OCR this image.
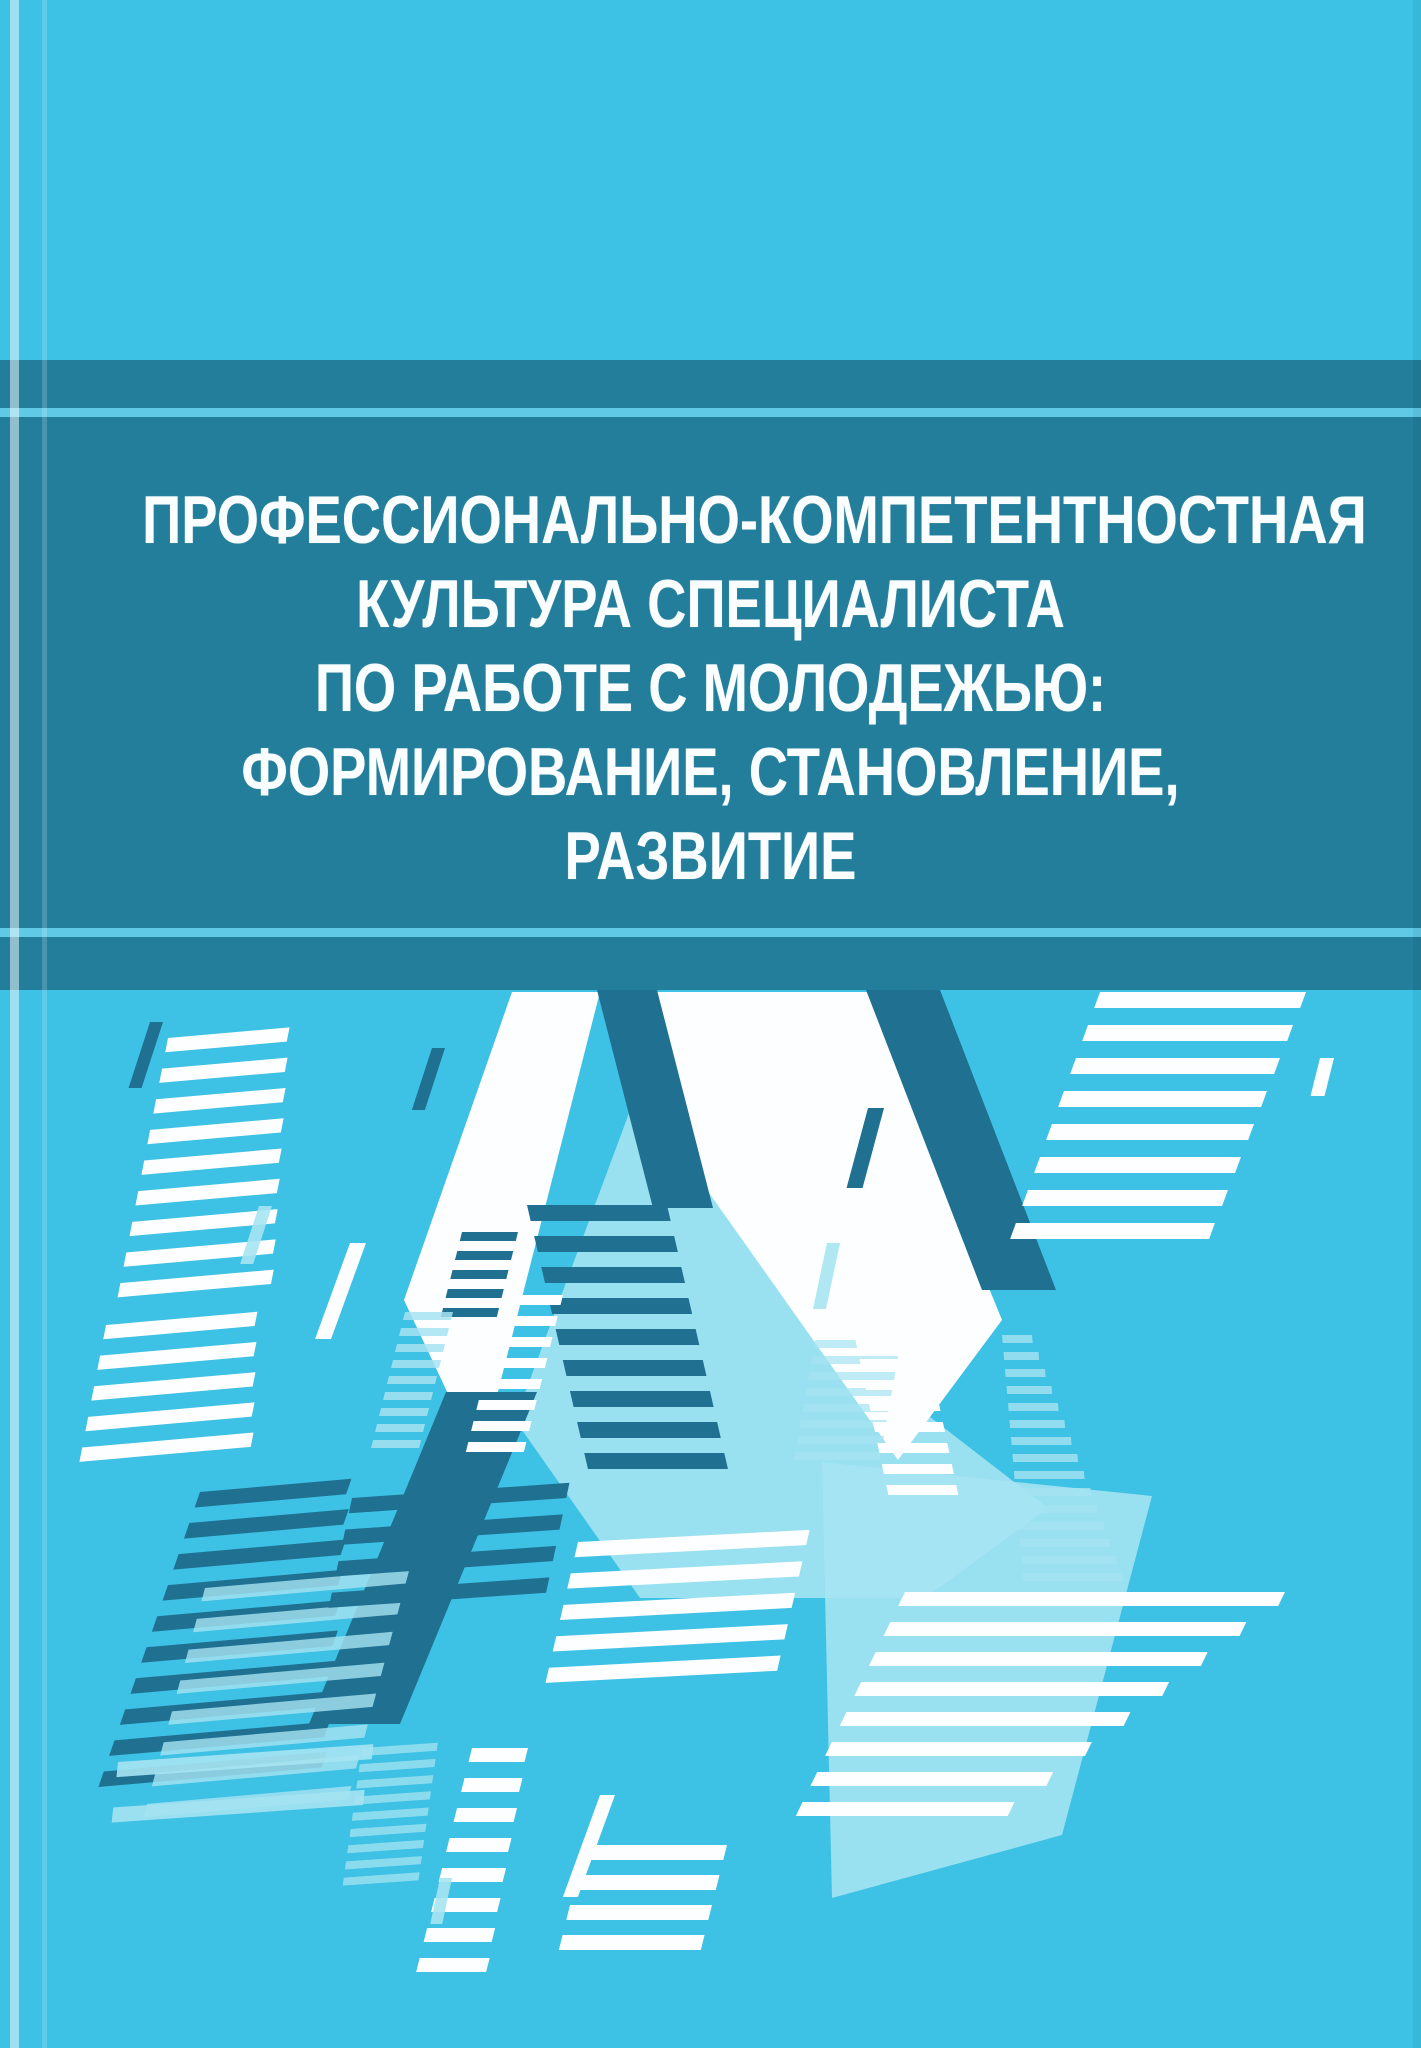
ПРОФЕССИОНАЛЬНО-КОМПЕТЕНТНОСТНАЯ
КУЛЬТУРА СПЕЦИАЛИСТА
ПО РАБОТЕ С МОЛОДЕЖЬЮ:
ФОРМИРОВАНИЕ, СТАНОВЛЕНИЕ,
РАЗВИТИЕ
